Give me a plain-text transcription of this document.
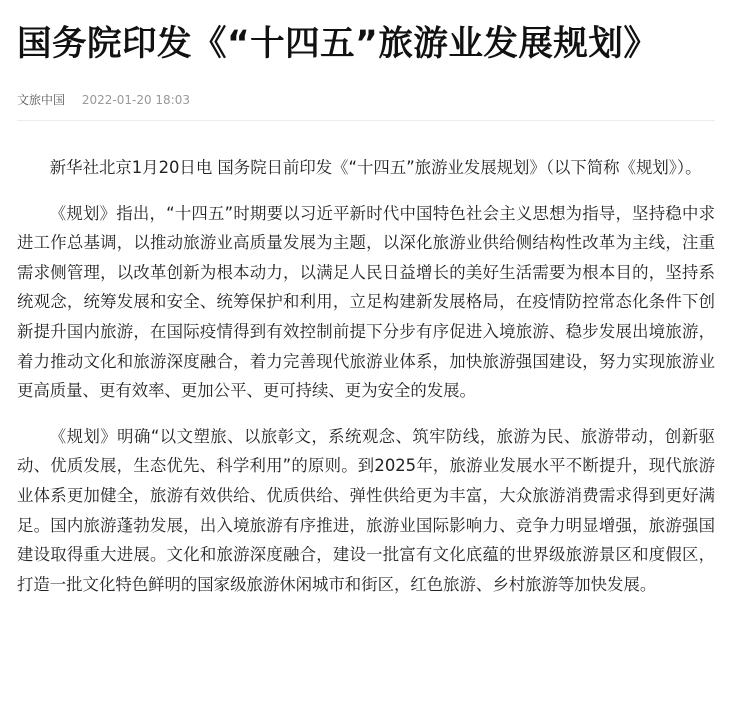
国务院印发《“十四五”旅游业发展规划》
文旅中国 2022-01-20 18:03

新华社北京1月20日电 国务院日前印发《“十四五”旅游业发展规划》（以下简称《规划》）。

《规划》指出，“十四五”时期要以习近平新时代中国特色社会主义思想为指导，坚持稳中求进工作总基调，以推动旅游业高质量发展为主题，以深化旅游业供给侧结构性改革为主线，注重需求侧管理，以改革创新为根本动力，以满足人民日益增长的美好生活需要为根本目的，坚持系统观念，统筹发展和安全、统筹保护和利用，立足构建新发展格局，在疫情防控常态化条件下创新提升国内旅游，在国际疫情得到有效控制前提下分步有序促进入境旅游、稳步发展出境旅游，着力推动文化和旅游深度融合，着力完善现代旅游业体系，加快旅游强国建设，努力实现旅游业更高质量、更有效率、更加公平、更可持续、更为安全的发展。

《规划》明确“以文塑旅、以旅彰文，系统观念、筑牢防线，旅游为民、旅游带动，创新驱动、优质发展，生态优先、科学利用”的原则。到2025年，旅游业发展水平不断提升，现代旅游业体系更加健全，旅游有效供给、优质供给、弹性供给更为丰富，大众旅游消费需求得到更好满足。国内旅游蓬勃发展，出入境旅游有序推进，旅游业国际影响力、竞争力明显增强，旅游强国建设取得重大进展。文化和旅游深度融合，建设一批富有文化底蕴的世界级旅游景区和度假区，打造一批文化特色鲜明的国家级旅游休闲城市和街区，红色旅游、乡村旅游等加快发展。
